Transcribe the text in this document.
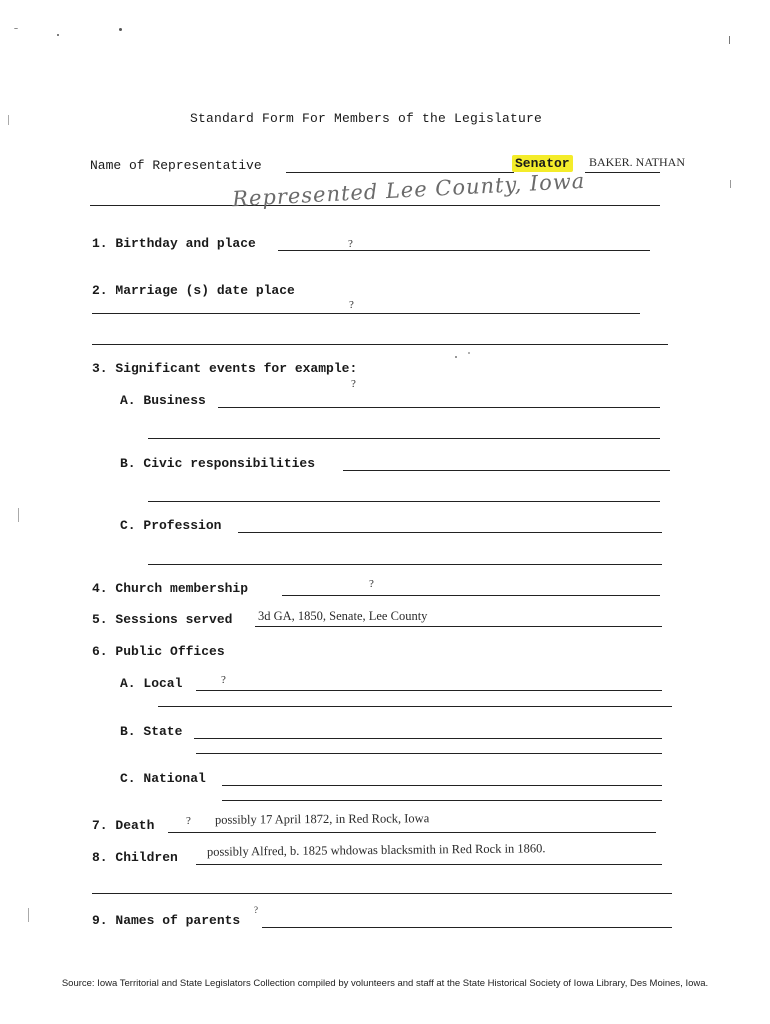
Standard Form For Members of the Legislature
Name of Representative	Senator BAKER. NATHAN
Represented Lee County, Iowa
1. Birthday and place	?
2. Marriage (s) date place
?
3. Significant events for example:
?
A. Business
B. Civic responsibilities
C. Profession
4. Church membership	?
5. Sessions served 3d GA, 1850, Senate, Lee County
6. Public Offices
A. Local	?
B. State
C. National
7. Death	? possibly 17 April 1872, in Red Rock, Iowa
8. Children possibly Alfred, b. 1825 whdowas blacksmith in Red Rock in 1860.
9. Names of parents
?
Source: Iowa Territorial and State Legislators Collection compiled by volunteers and staff at the State Historical Society of Iowa Library, Des Moines, Iowa.
